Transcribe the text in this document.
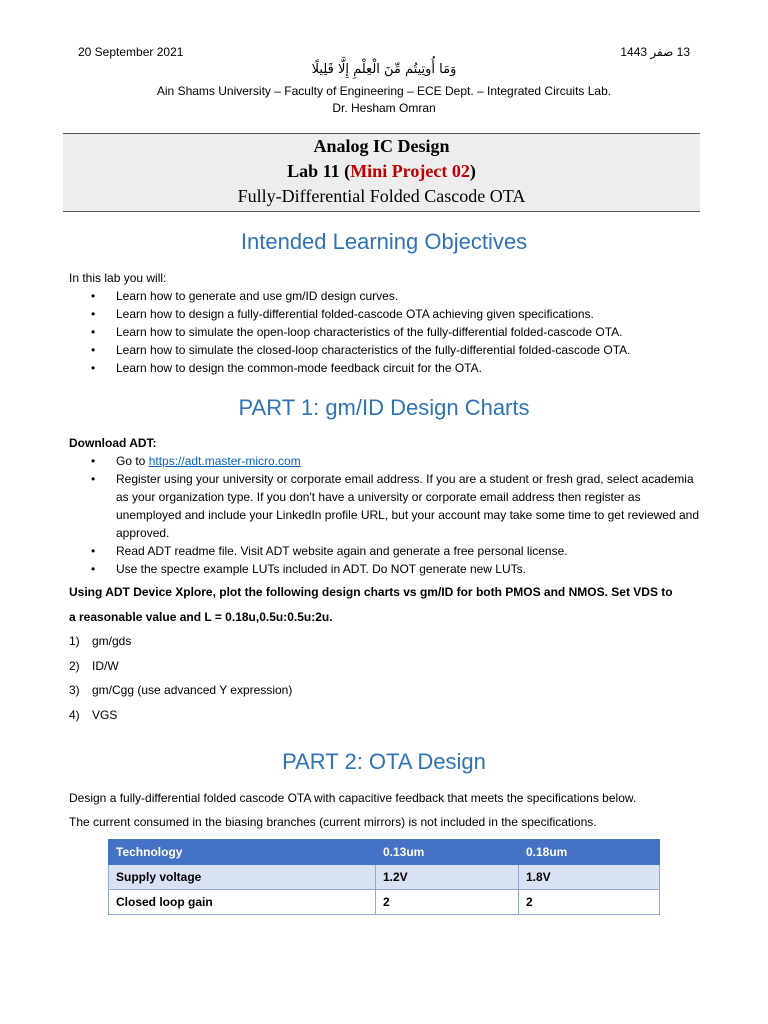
20 September 2021	13 صفر 1443
وَمَا أُوتِيتُم مِّنَ الْعِلْمِ إِلَّا قَلِيلًا
Ain Shams University – Faculty of Engineering – ECE Dept. – Integrated Circuits Lab.
Dr. Hesham Omran
Analog IC Design
Lab 11 (Mini Project 02)
Fully-Differential Folded Cascode OTA
Intended Learning Objectives
In this lab you will:
• Learn how to generate and use gm/ID design curves.
• Learn how to design a fully-differential folded-cascode OTA achieving given specifications.
• Learn how to simulate the open-loop characteristics of the fully-differential folded-cascode OTA.
• Learn how to simulate the closed-loop characteristics of the fully-differential folded-cascode OTA.
• Learn how to design the common-mode feedback circuit for the OTA.
PART 1: gm/ID Design Charts
Download ADT:
• Go to https://adt.master-micro.com
• Register using your university or corporate email address. If you are a student or fresh grad, select academia as your organization type. If you don't have a university or corporate email address then register as unemployed and include your LinkedIn profile URL, but your account may take some time to get reviewed and approved.
• Read ADT readme file. Visit ADT website again and generate a free personal license.
• Use the spectre example LUTs included in ADT. Do NOT generate new LUTs.
Using ADT Device Xplore, plot the following design charts vs gm/ID for both PMOS and NMOS. Set VDS to
a reasonable value and L = 0.18u,0.5u:0.5u:2u.
1) gm/gds
2) ID/W
3) gm/Cgg (use advanced Y expression)
4) VGS
PART 2: OTA Design
Design a fully-differential folded cascode OTA with capacitive feedback that meets the specifications below.
The current consumed in the biasing branches (current mirrors) is not included in the specifications.
Technology	0.13um	0.18um
Supply voltage	1.2V	1.8V
Closed loop gain	2	2
